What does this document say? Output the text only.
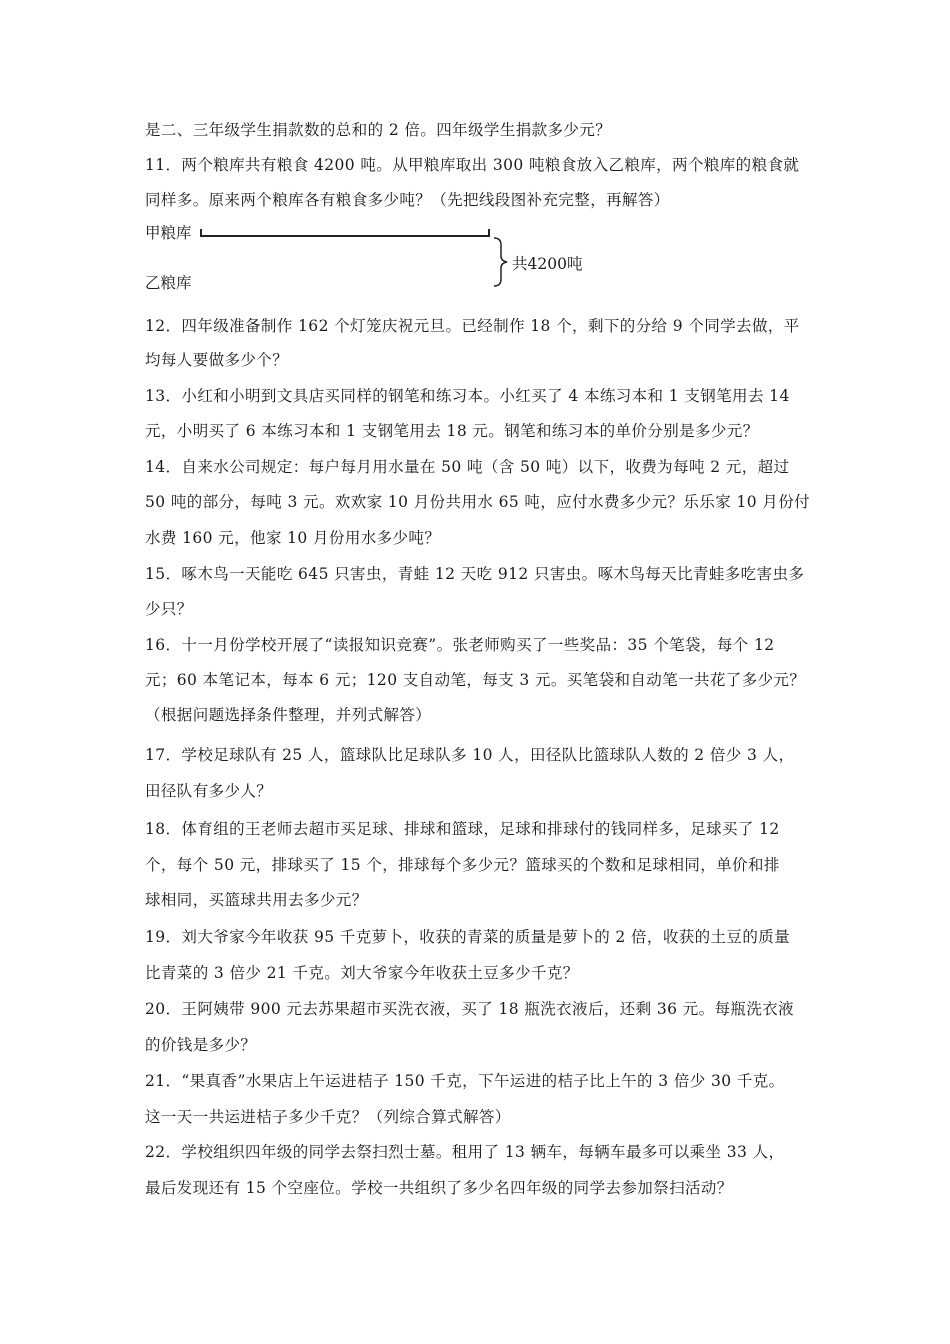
是二、三年级学生捐款数的总和的 2 倍。四年级学生捐款多少元？
11．两个粮库共有粮食 4200 吨。从甲粮库取出 300 吨粮食放入乙粮库，两个粮库的粮食就
同样多。原来两个粮库各有粮食多少吨？（先把线段图补充完整，再解答）
甲粮库
共4200吨
乙粮库
12．四年级准备制作 162 个灯笼庆祝元旦。已经制作 18 个，剩下的分给 9 个同学去做，平
均每人要做多少个？
13．小红和小明到文具店买同样的钢笔和练习本。小红买了 4 本练习本和 1 支钢笔用去 14
元，小明买了 6 本练习本和 1 支钢笔用去 18 元。钢笔和练习本的单价分别是多少元？
14．自来水公司规定：每户每月用水量在 50 吨（含 50 吨）以下，收费为每吨 2 元，超过
50 吨的部分，每吨 3 元。欢欢家 10 月份共用水 65 吨，应付水费多少元？乐乐家 10 月份付
水费 160 元，他家 10 月份用水多少吨？
15．啄木鸟一天能吃 645 只害虫，青蛙 12 天吃 912 只害虫。啄木鸟每天比青蛙多吃害虫多
少只？
16．十一月份学校开展了“读报知识竞赛”。张老师购买了一些奖品：35 个笔袋，每个 12
元；60 本笔记本，每本 6 元；120 支自动笔，每支 3 元。买笔袋和自动笔一共花了多少元？
（根据问题选择条件整理，并列式解答）
17．学校足球队有 25 人，篮球队比足球队多 10 人，田径队比篮球队人数的 2 倍少 3 人，
田径队有多少人？
18．体育组的王老师去超市买足球、排球和篮球，足球和排球付的钱同样多，足球买了 12
个，每个 50 元，排球买了 15 个，排球每个多少元？篮球买的个数和足球相同，单价和排
球相同，买篮球共用去多少元？
19．刘大爷家今年收获 95 千克萝卜，收获的青菜的质量是萝卜的 2 倍，收获的土豆的质量
比青菜的 3 倍少 21 千克。刘大爷家今年收获土豆多少千克？
20．王阿姨带 900 元去苏果超市买洗衣液，买了 18 瓶洗衣液后，还剩 36 元。每瓶洗衣液
的价钱是多少？
21．“果真香”水果店上午运进桔子 150 千克，下午运进的桔子比上午的 3 倍少 30 千克。
这一天一共运进桔子多少千克？（列综合算式解答）
22．学校组织四年级的同学去祭扫烈士墓。租用了 13 辆车，每辆车最多可以乘坐 33 人，
最后发现还有 15 个空座位。学校一共组织了多少名四年级的同学去参加祭扫活动？
